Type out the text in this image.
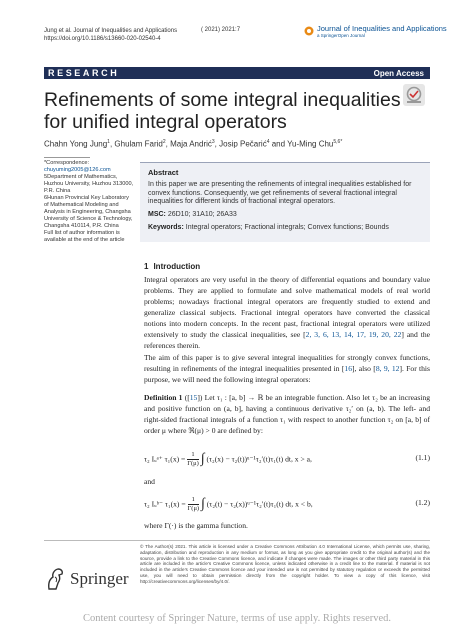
Jung et al. Journal of Inequalities and Applications
https://doi.org/10.1186/s13660-020-02540-4
( 2021) 2021:7	Journal of Inequalities and Applications
a SpringerOpen Journal
RESEARCH	Open Access
Refinements of some integral inequalities for unified integral operators
Chahn Yong Jung$^1$, Ghulam Farid$^2$, Maja Andrić$^3$, Josip Pečarić$^4$ and Yu-Ming Chu$^{5,6*}$
*Correspondence:
chuyuming2005@126.com
5Department of Mathematics, Huzhou University, Huzhou 313000, P.R. China
6Hunan Provincial Key Laboratory of Mathematical Modeling and Analysis in Engineering, Changsha University of Science & Technology, Changsha 410114, P.R. China
Full list of author information is available at the end of the article
Abstract
In this paper we are presenting the refinements of integral inequalities established for convex functions. Consequently, we get refinements of several fractional integral inequalities for different kinds of fractional integral operators.
MSC: 26D10; 31A10; 26A33
Keywords: Integral operators; Fractional integrals; Convex functions; Bounds
1 Introduction
Integral operators are very useful in the theory of differential equations and boundary value problems. They are applied to formulate and solve mathematical models of real world problems; nowadays fractional integral operators are frequently studied to extend and generalize classical subjects. Fractional integral operators have converted the classical notions into modern concepts. In the recent past, fractional integral operators were utilized extensively to study the classical inequalities, see [2, 3, 6, 13, 14, 17, 19, 20, 22] and the references therein.
The aim of this paper is to give several integral inequalities for strongly convex functions, resulting in refinements of the integral inequalities presented in [16], also [8, 9, 12]. For this purpose, we will need the following integral operators:
Definition 1 ([15]) Let τ₁ : [a, b] → ℝ be an integrable function. Also let τ₂ be an increasing and positive function on (a, b], having a continuous derivative τ₂′ on (a, b). The left- and right-sided fractional integrals of a function τ₁ with respect to another function τ₂ on [a, b] of order μ where ℜ(μ) > 0 are defined by:
τ₂ Iᵤᵃ⁺ $\tau_1(x) = \frac{1}{\Gamma(\mu)}$ ∫ (τ₂(x) − τ₂(t))ᵘ⁻¹τ₂′(t)τ₁(t) dt, x > a,	(1.1)
and
τ₂ Iᵤᵇ⁻ $\tau_1(x) = \frac{1}{\Gamma(\mu)}$ ∫ (τ₂(t) − τ₂(x))ᵘ⁻¹τ₂′(t)τ₁(t) dt, x < b,	(1.2)
where Γ(·) is the gamma function.
Springer
© The Author(s) 2021. This article is licensed under a Creative Commons Attribution 4.0 International License, which permits use, sharing, adaptation, distribution and reproduction in any medium or format, as long as you give appropriate credit to the original author(s) and the source, provide a link to the Creative Commons licence, and indicate if changes were made. The images or other third party material in this article are included in the article’s Creative Commons licence, unless indicated otherwise in a credit line to the material. If material is not included in the article’s Creative Commons licence and your intended use is not permitted by statutory regulation or exceeds the permitted use, you will need to obtain permission directly from the copyright holder. To view a copy of this licence, visit http://creativecommons.org/licenses/by/4.0/.
Content courtesy of Springer Nature, terms of use apply. Rights reserved.
